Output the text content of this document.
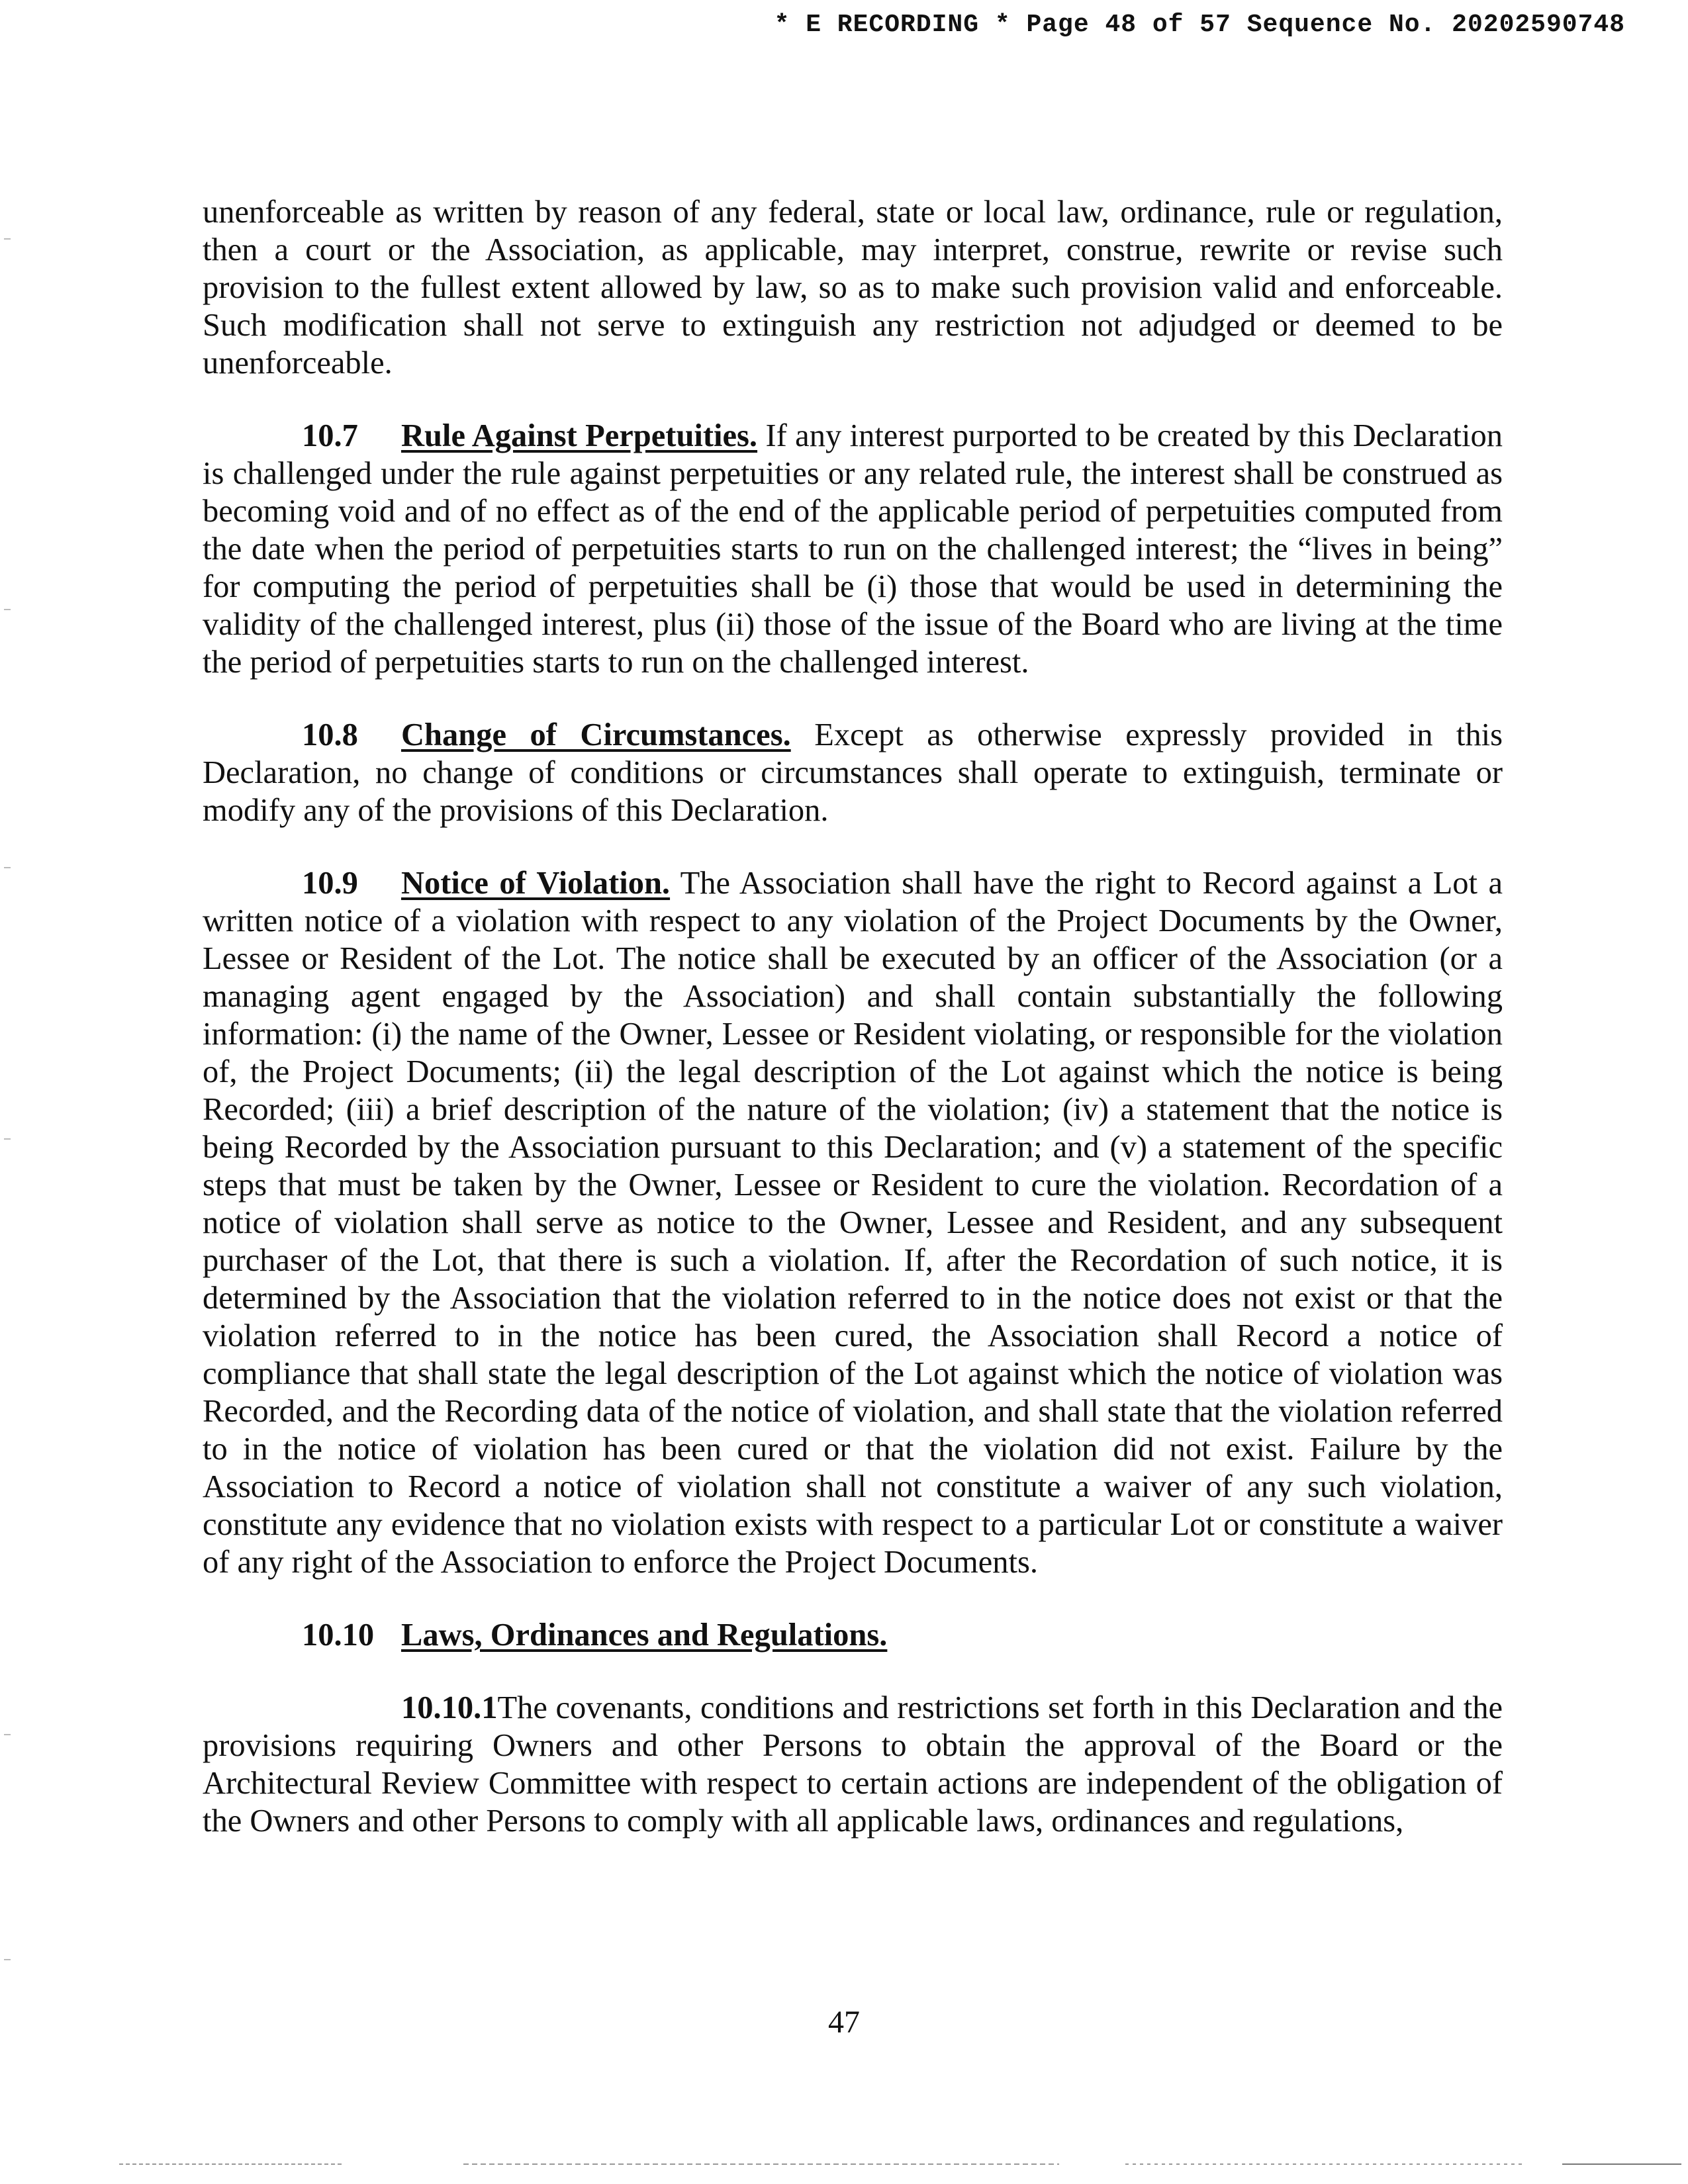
* E RECORDING * Page 48 of 57 Sequence No. 20202590748

unenforceable as written by reason of any federal, state or local law, ordinance, rule or regulation, then a court or the Association, as applicable, may interpret, construe, rewrite or revise such provision to the fullest extent allowed by law, so as to make such provision valid and enforceable. Such modification shall not serve to extinguish any restriction not adjudged or deemed to be unenforceable.

10.7 Rule Against Perpetuities. If any interest purported to be created by this Declaration is challenged under the rule against perpetuities or any related rule, the interest shall be construed as becoming void and of no effect as of the end of the applicable period of perpetuities computed from the date when the period of perpetuities starts to run on the challenged interest; the “lives in being” for computing the period of perpetuities shall be (i) those that would be used in determining the validity of the challenged interest, plus (ii) those of the issue of the Board who are living at the time the period of perpetuities starts to run on the challenged interest.

10.8 Change of Circumstances. Except as otherwise expressly provided in this Declaration, no change of conditions or circumstances shall operate to extinguish, terminate or modify any of the provisions of this Declaration.

10.9 Notice of Violation. The Association shall have the right to Record against a Lot a written notice of a violation with respect to any violation of the Project Documents by the Owner, Lessee or Resident of the Lot. The notice shall be executed by an officer of the Association (or a managing agent engaged by the Association) and shall contain substantially the following information: (i) the name of the Owner, Lessee or Resident violating, or responsible for the violation of, the Project Documents; (ii) the legal description of the Lot against which the notice is being Recorded; (iii) a brief description of the nature of the violation; (iv) a statement that the notice is being Recorded by the Association pursuant to this Declaration; and (v) a statement of the specific steps that must be taken by the Owner, Lessee or Resident to cure the violation. Recordation of a notice of violation shall serve as notice to the Owner, Lessee and Resident, and any subsequent purchaser of the Lot, that there is such a violation. If, after the Recordation of such notice, it is determined by the Association that the violation referred to in the notice does not exist or that the violation referred to in the notice has been cured, the Association shall Record a notice of compliance that shall state the legal description of the Lot against which the notice of violation was Recorded, and the Recording data of the notice of violation, and shall state that the violation referred to in the notice of violation has been cured or that the violation did not exist. Failure by the Association to Record a notice of violation shall not constitute a waiver of any such violation, constitute any evidence that no violation exists with respect to a particular Lot or constitute a waiver of any right of the Association to enforce the Project Documents.

10.10 Laws, Ordinances and Regulations.

10.10.1The covenants, conditions and restrictions set forth in this Declaration and the provisions requiring Owners and other Persons to obtain the approval of the Board or the Architectural Review Committee with respect to certain actions are independent of the obligation of the Owners and other Persons to comply with all applicable laws, ordinances and regulations,

47
